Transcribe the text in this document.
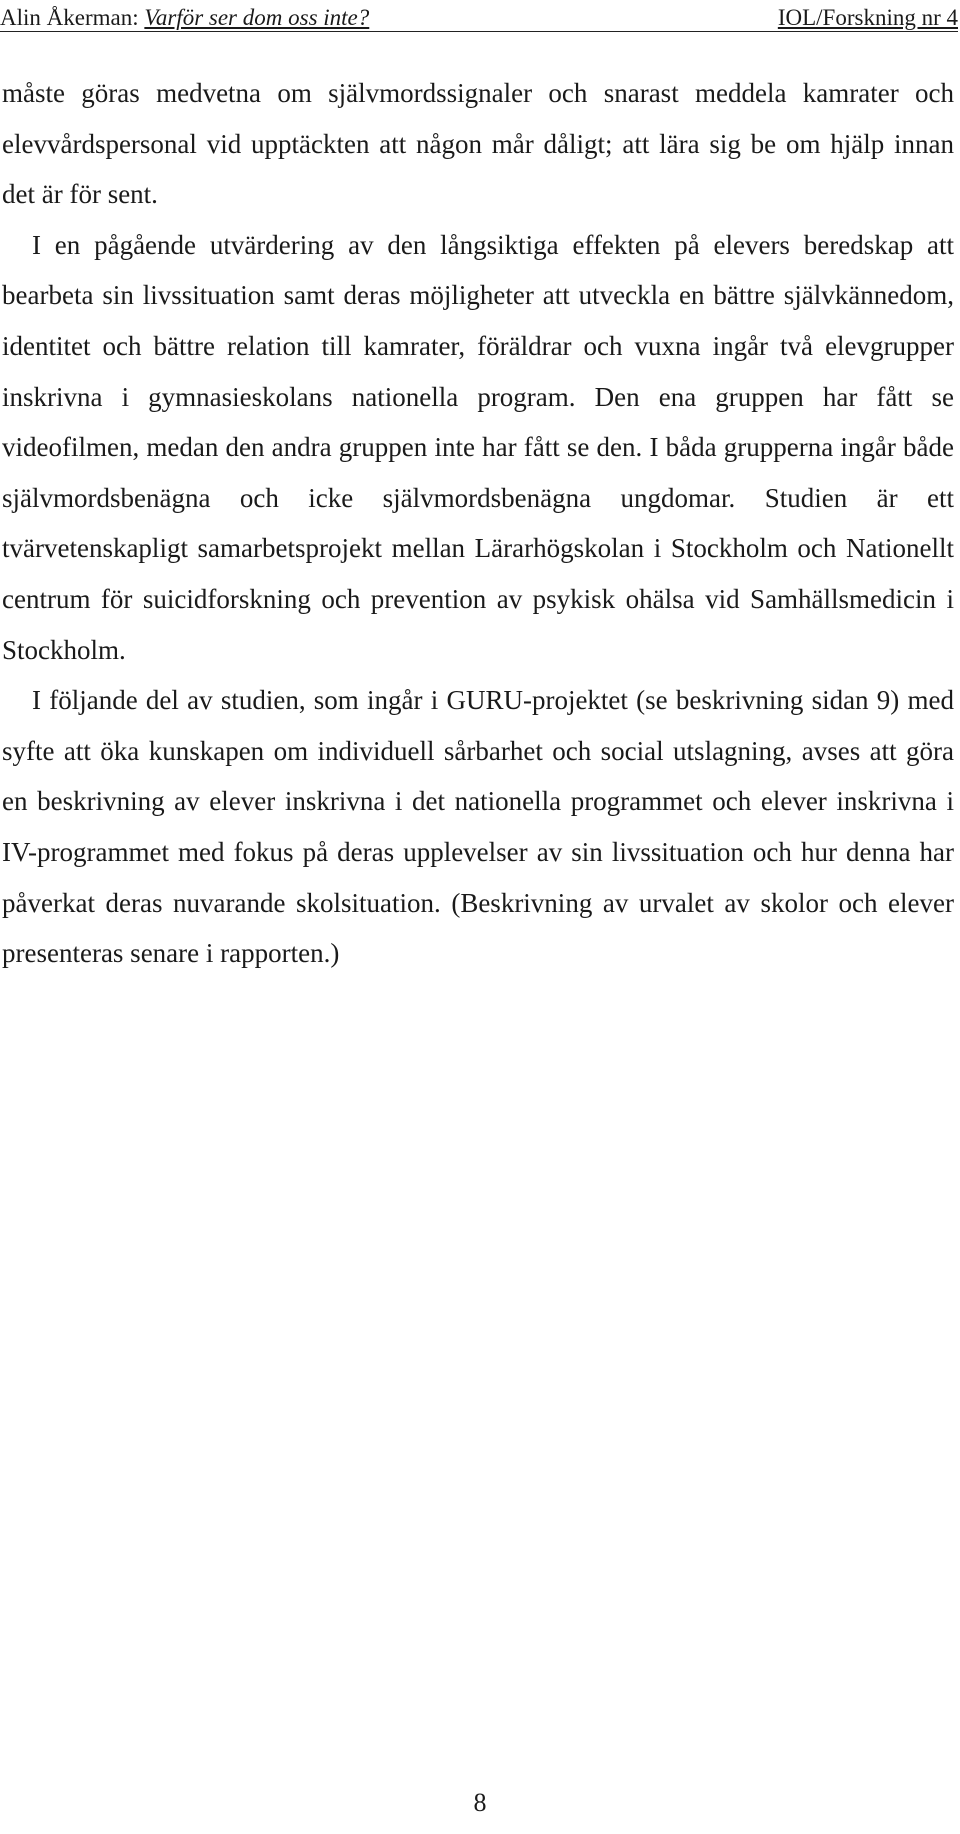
Alin Åkerman: Varför ser dom oss inte?	IOL/Forskning nr 4

måste göras medvetna om självmordssignaler och snarast meddela kamrater och elevvårdspersonal vid upptäckten att någon mår dåligt; att lära sig be om hjälp innan det är för sent.

I en pågående utvärdering av den långsiktiga effekten på elevers beredskap att bearbeta sin livssituation samt deras möjligheter att utveckla en bättre självkännedom, identitet och bättre relation till kamrater, föräldrar och vuxna ingår två elevgrupper inskrivna i gymnasieskolans nationella program. Den ena gruppen har fått se videofilmen, medan den andra gruppen inte har fått se den. I båda grupperna ingår både självmordsbenägna och icke självmordsbenägna ungdomar. Studien är ett tvärvetenskapligt samarbetsprojekt mellan Lärarhögskolan i Stockholm och Nationellt centrum för suicidforskning och prevention av psykisk ohälsa vid Samhällsmedicin i Stockholm.

I följande del av studien, som ingår i GURU-projektet (se beskrivning sidan 9) med syfte att öka kunskapen om individuell sårbarhet och social utslagning, avses att göra en beskrivning av elever inskrivna i det nationella programmet och elever inskrivna i IV-programmet med fokus på deras upplevelser av sin livssituation och hur denna har påverkat deras nuvarande skolsituation. (Beskrivning av urvalet av skolor och elever presenteras senare i rapporten.)

8
